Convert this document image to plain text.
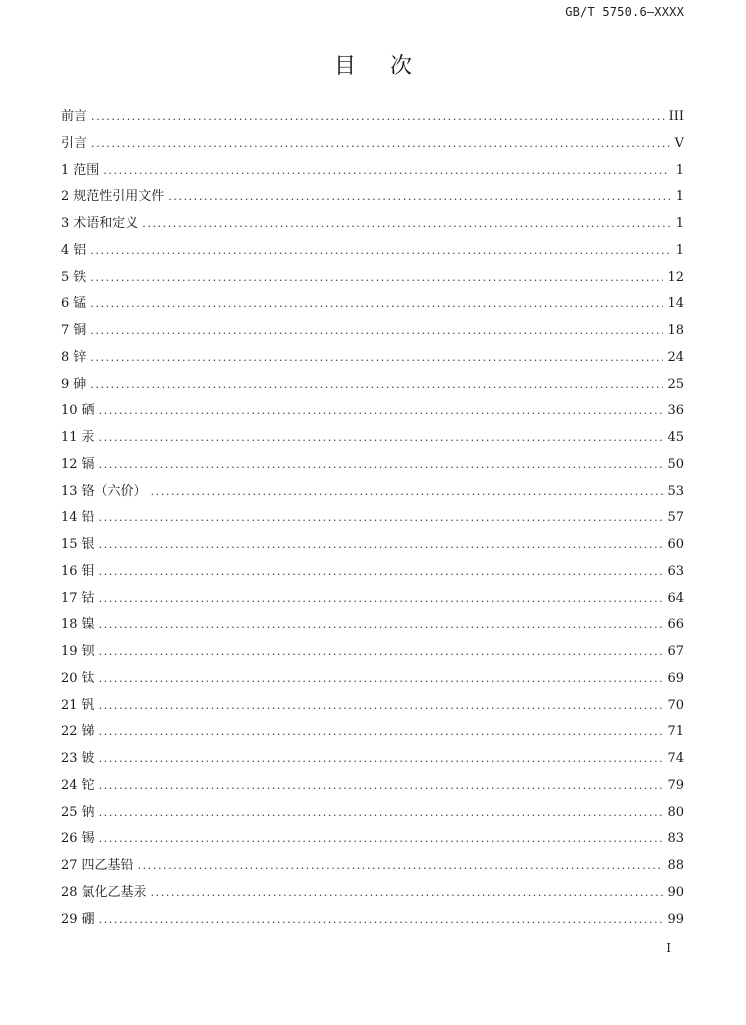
GB/T 5750.6—XXXX
目 次
前言 .....	III
引言 .....	V
1 范围 .....	1
2 规范性引用文件 .....	1
3 术语和定义 .....	1
4 铝 .....	1
5 铁 .....	12
6 锰 .....	14
7 铜 .....	18
8 锌 .....	24
9 砷 .....	25
10 硒 .....	36
11 汞 .....	45
12 镉 .....	50
13 铬（六价） .....	53
14 铅 .....	57
15 银 .....	60
16 钼 .....	63
17 钴 .....	64
18 镍 .....	66
19 钡 .....	67
20 钛 .....	69
21 钒 .....	70
22 锑 .....	71
23 铍 .....	74
24 铊 .....	79
25 钠 .....	80
26 锡 .....	83
27 四乙基铅 .....	88
28 氯化乙基汞 .....	90
29 硼 .....	99
I
